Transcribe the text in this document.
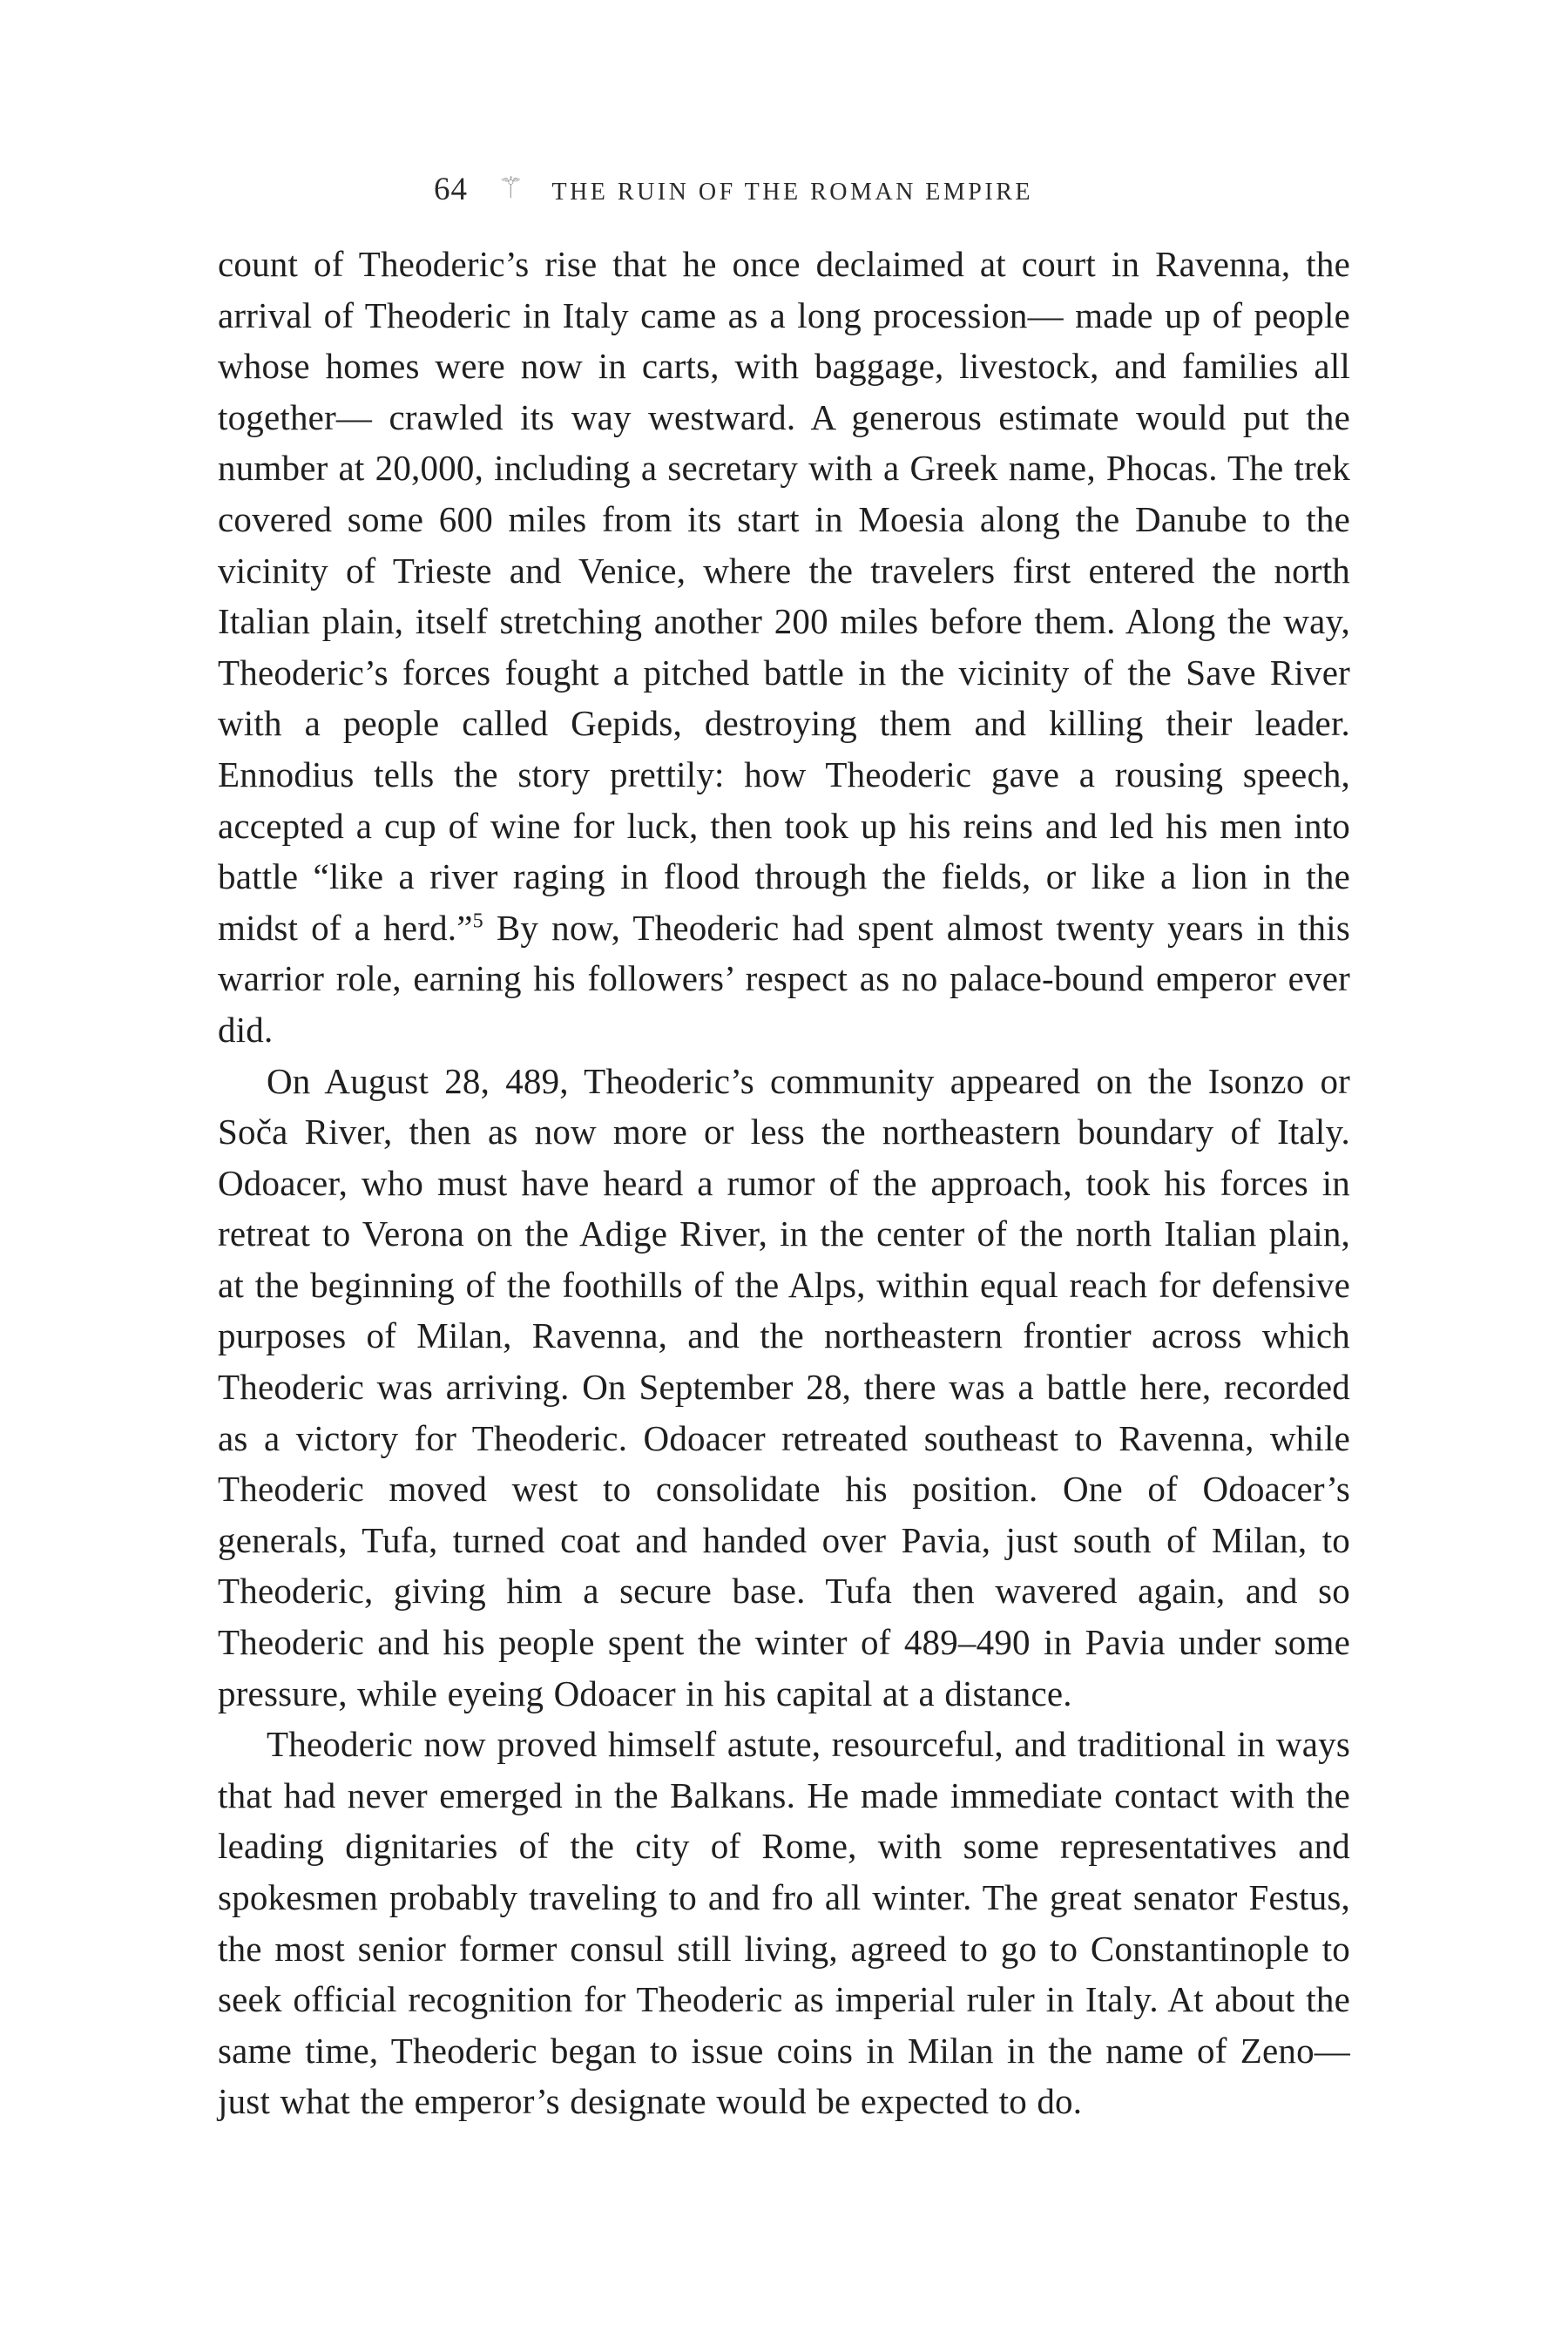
64 ⚚ THE RUIN OF THE ROMAN EMPIRE

count of Theoderic’s rise that he once declaimed at court in Ravenna, the arrival of Theoderic in Italy came as a long procession— made up of people whose homes were now in carts, with baggage, livestock, and families all together— crawled its way westward. A generous estimate would put the number at 20,000, including a secretary with a Greek name, Phocas. The trek covered some 600 miles from its start in Moesia along the Danube to the vicinity of Trieste and Venice, where the travelers first entered the north Italian plain, itself stretching another 200 miles before them. Along the way, Theoderic’s forces fought a pitched battle in the vicinity of the Save River with a people called Gepids, destroying them and killing their leader. Ennodius tells the story prettily: how Theoderic gave a rousing speech, accepted a cup of wine for luck, then took up his reins and led his men into battle “like a river raging in flood through the fields, or like a lion in the midst of a herd.”$^5$ By now, Theoderic had spent almost twenty years in this warrior role, earning his followers’ respect as no palace-bound emperor ever did.

On August 28, 489, Theoderic’s community appeared on the Isonzo or Soča River, then as now more or less the northeastern boundary of Italy. Odoacer, who must have heard a rumor of the approach, took his forces in retreat to Verona on the Adige River, in the center of the north Italian plain, at the beginning of the foothills of the Alps, within equal reach for defensive purposes of Milan, Ravenna, and the northeastern frontier across which Theoderic was arriving. On September 28, there was a battle here, recorded as a victory for Theoderic. Odoacer retreated southeast to Ravenna, while Theoderic moved west to consolidate his position. One of Odoacer’s generals, Tufa, turned coat and handed over Pavia, just south of Milan, to Theoderic, giving him a secure base. Tufa then wavered again, and so Theoderic and his people spent the winter of 489–490 in Pavia under some pressure, while eyeing Odoacer in his capital at a distance.

Theoderic now proved himself astute, resourceful, and traditional in ways that had never emerged in the Balkans. He made immediate contact with the leading dignitaries of the city of Rome, with some representatives and spokesmen probably traveling to and fro all winter. The great senator Festus, the most senior former consul still living, agreed to go to Constantinople to seek official recognition for Theoderic as imperial ruler in Italy. At about the same time, Theoderic began to issue coins in Milan in the name of Zeno—just what the emperor’s designate would be expected to do.
